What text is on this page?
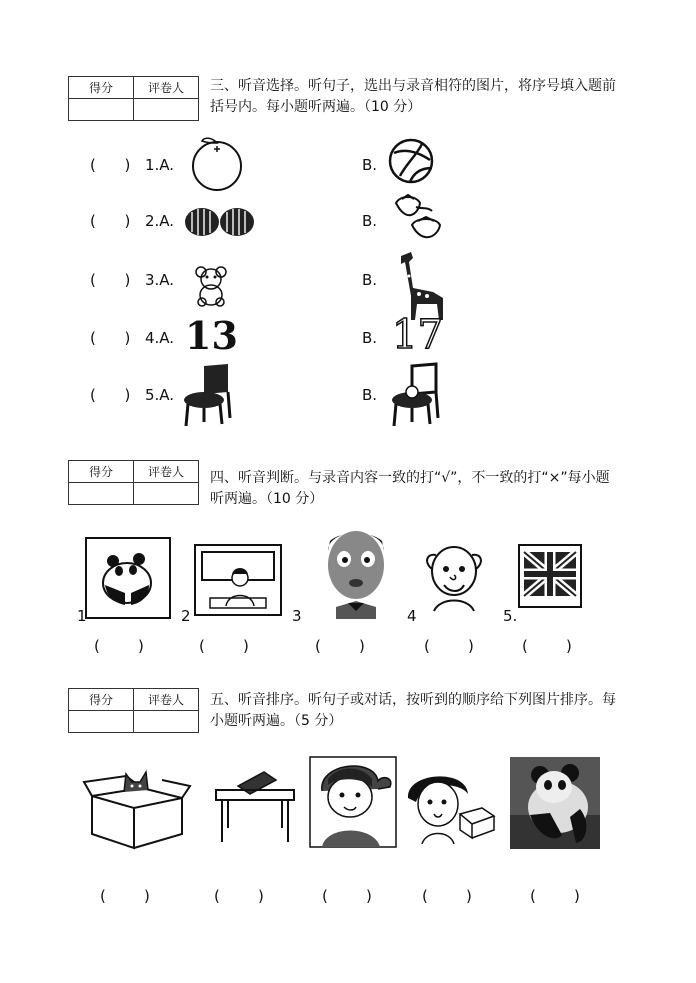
得分	评卷人
	三、听音选择。听句子，选出与录音相符的图片，将序号填入题前括号内。每小题听两遍。（10 分）
(      ) 1.A.	B.
(      ) 2.A.	B.
(      ) 3.A.	B.
(      ) 4.A. 13	B. 17
(      ) 5.A.	B.
得分	评卷人
	四、听音判断。与录音内容一致的打“√”，不一致的打“×”每小题听两遍。（10 分）
1	2	3	4	5.
(        )	(        )	(        )	(        )	(        )
得分	评卷人
	五、听音排序。听句子或对话，按听到的顺序给下列图片排序。每小题听两遍。（5 分）
(        )	(        )	(        )	(        )	(        )
